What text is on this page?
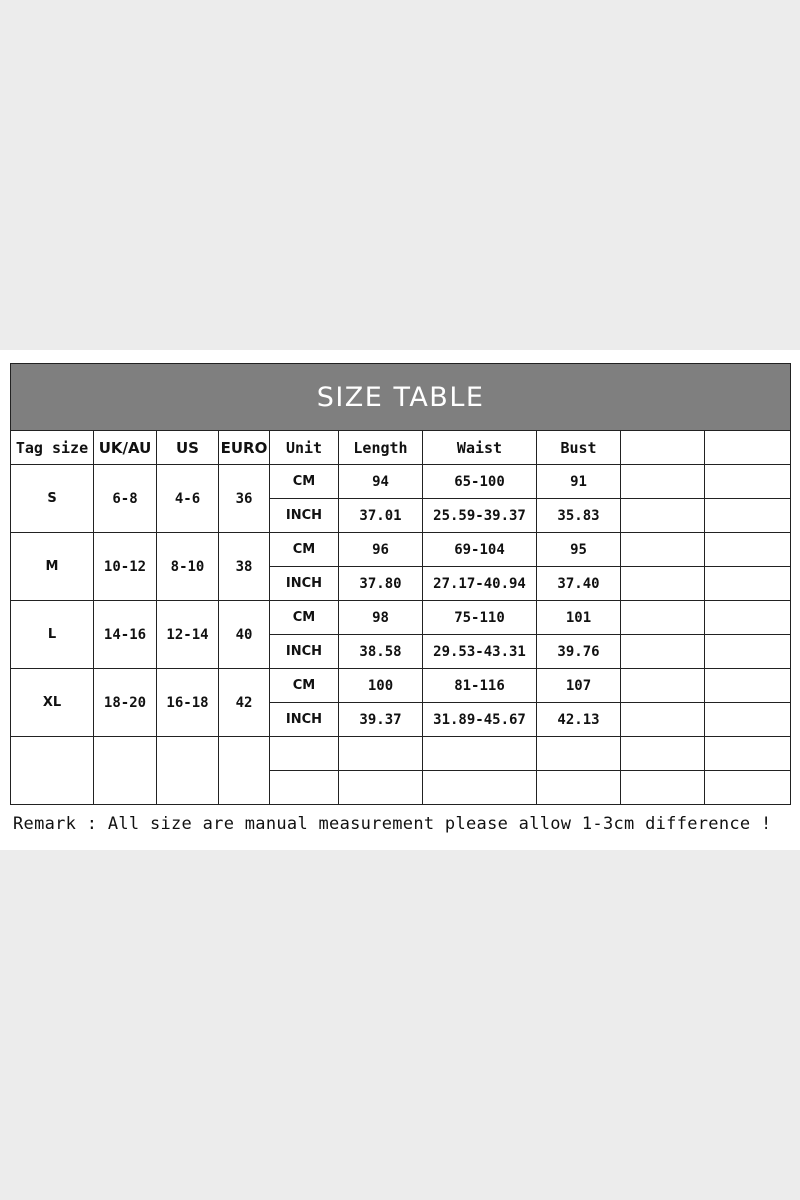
SIZE TABLE									
Tag size	UK/AU	US	EURO	Unit	Length	Waist	Bust		
S	6-8	4-6	36	CM	94	65-100	91		
				INCH	37.01	25.59-39.37	35.83		
M	10-12	8-10	38	CM	96	69-104	95		
				INCH	37.80	27.17-40.94	37.40		
L	14-16	12-14	40	CM	98	75-110	101		
				INCH	38.58	29.53-43.31	39.76		
XL	18-20	16-18	42	CM	100	81-116	107		
				INCH	39.37	31.89-45.67	42.13		

Remark : All size are manual measurement please allow 1-3cm difference !
